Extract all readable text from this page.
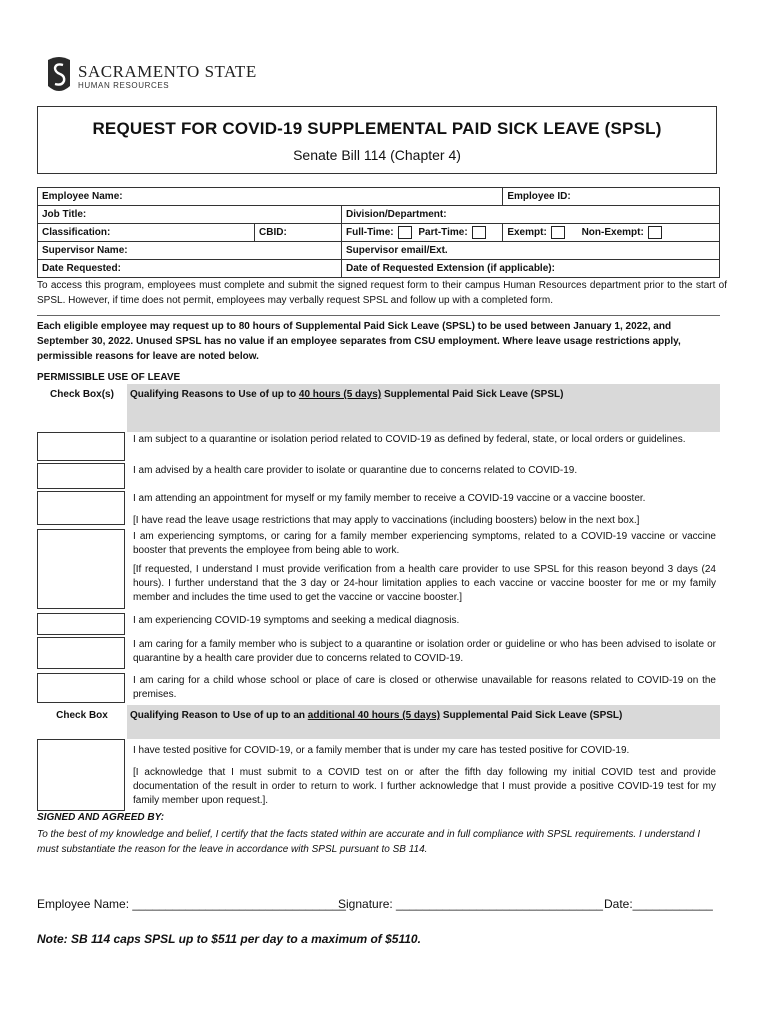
SACRAMENTO STATE
HUMAN RESOURCES
REQUEST FOR COVID-19 SUPPLEMENTAL PAID SICK LEAVE (SPSL)
Senate Bill 114 (Chapter 4)
Employee Name:			Employee ID:
Job Title:		Division/Department:	
Classification:	CBID:	Full-Time: Part-Time:	Exempt: Non-Exempt:
Supervisor Name:		Supervisor email/Ext.	
Date Requested:		Date of Requested Extension (if applicable):	
To access this program, employees must complete and submit the signed request form to their campus Human Resources department prior to the start of SPSL. However, if time does not permit, employees may verbally request SPSL and follow up with a completed form.
Each eligible employee may request up to 80 hours of Supplemental Paid Sick Leave (SPSL) to be used between January 1, 2022, and September 30, 2022. Unused SPSL has no value if an employee separates from CSU employment. Where leave usage restrictions apply, permissible reasons for leave are noted below.
PERMISSIBLE USE OF LEAVE
Check Box(s)	Qualifying Reasons to Use of up to 40 hours (5 days) Supplemental Paid Sick Leave (SPSL)

	I am subject to a quarantine or isolation period related to COVID-19 as defined by federal, state, or local orders or guidelines.

	I am advised by a health care provider to isolate or quarantine due to concerns related to COVID-19.

	I am attending an appointment for myself or my family member to receive a COVID-19 vaccine or a vaccine booster.
[I have read the leave usage restrictions that may apply to vaccinations (including boosters) below in the next box.]

	I am experiencing symptoms, or caring for a family member experiencing symptoms, related to a COVID-19 vaccine or vaccine booster that prevents the employee from being able to work.
[If requested, I understand I must provide verification from a health care provider to use SPSL for this reason beyond 3 days (24 hours). I further understand that the 3 day or 24-hour limitation applies to each vaccine or vaccine booster for me or my family member and includes the time used to get the vaccine or vaccine booster.]

	I am experiencing COVID-19 symptoms and seeking a medical diagnosis.

	I am caring for a family member who is subject to a quarantine or isolation order or guideline or who has been advised to isolate or quarantine by a health care provider due to concerns related to COVID-19.

	I am caring for a child whose school or place of care is closed or otherwise unavailable for reasons related to COVID-19 on the premises.
Check Box	Qualifying Reason to Use of up to an additional 40 hours (5 days) Supplemental Paid Sick Leave (SPSL)

	I have tested positive for COVID-19, or a family member that is under my care has tested positive for COVID-19.
[I acknowledge that I must submit to a COVID test on or after the fifth day following my initial COVID test and provide documentation of the result in order to return to work. I further acknowledge that I must provide a positive COVID-19 test for my family member upon request.].
SIGNED AND AGREED BY:
To the best of my knowledge and belief, I certify that the facts stated within are accurate and in full compliance with SPSL requirements. I understand I must substantiate the reason for the leave in accordance with SPSL pursuant to SB 114.
Employee Name: ________________________________
Signature: _______________________________ Date:____________
Note: SB 114 caps SPSL up to $511 per day to a maximum of $5110.
